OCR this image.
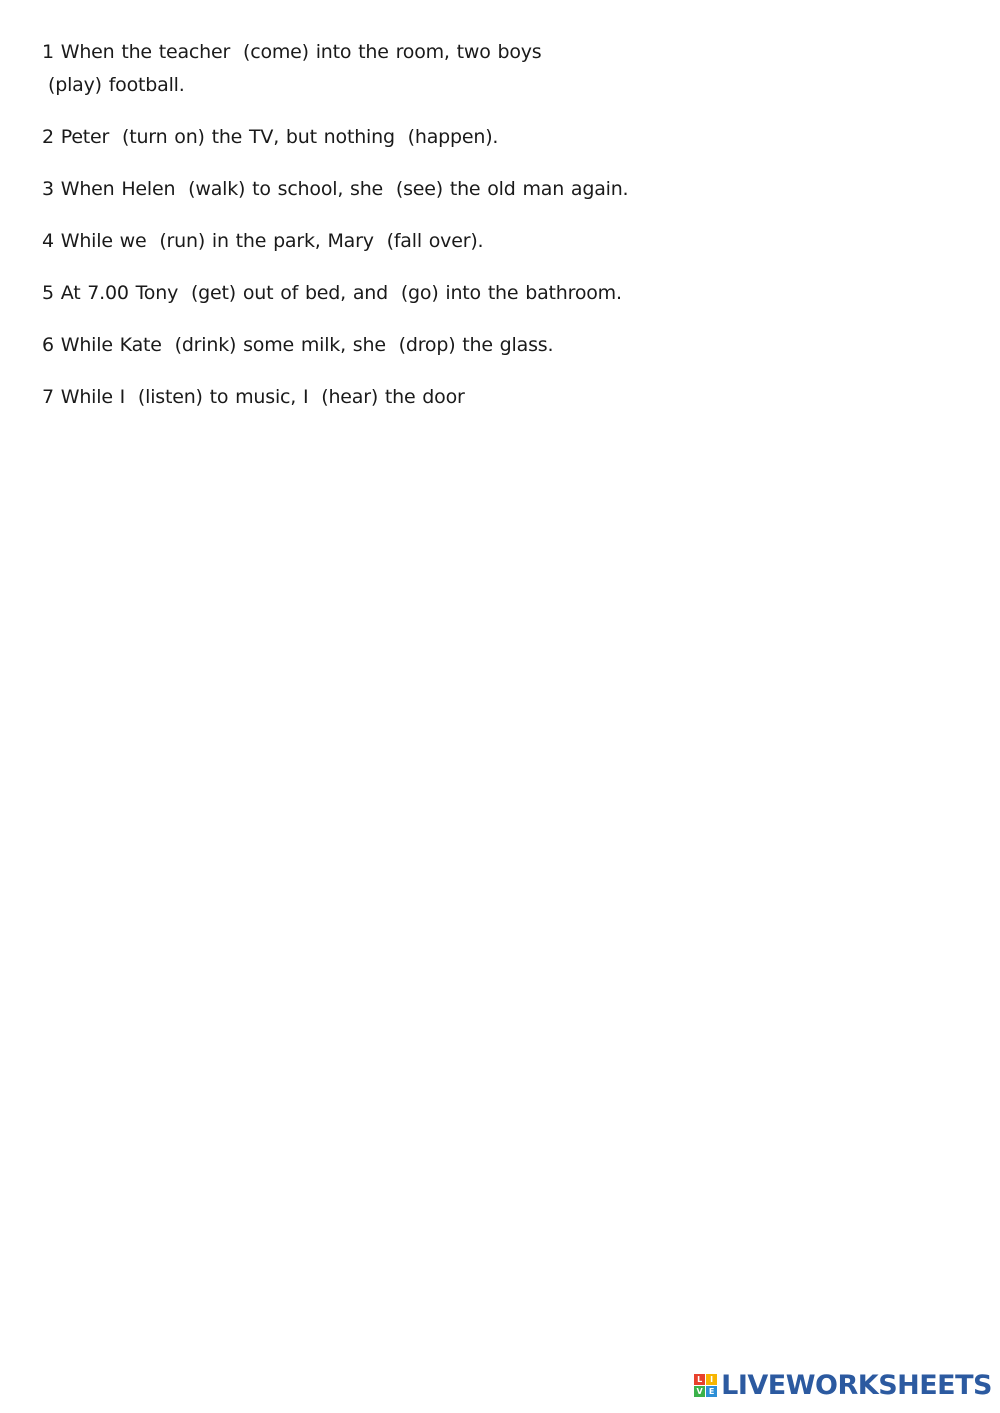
1 When the teacher (come) into the room, two boys
(play) football.

2 Peter (turn on) the TV, but nothing (happen).

3 When Helen (walk) to school, she (see) the old man again.

4 While we (run) in the park, Mary (fall over).

5 At 7.00 Tony (get) out of bed, and (go) into the bathroom.

6 While Kate (drink) some milk, she (drop) the glass.

7 While I (listen) to music, I (hear) the door

L I
V E LIVEWORKSHEETS
